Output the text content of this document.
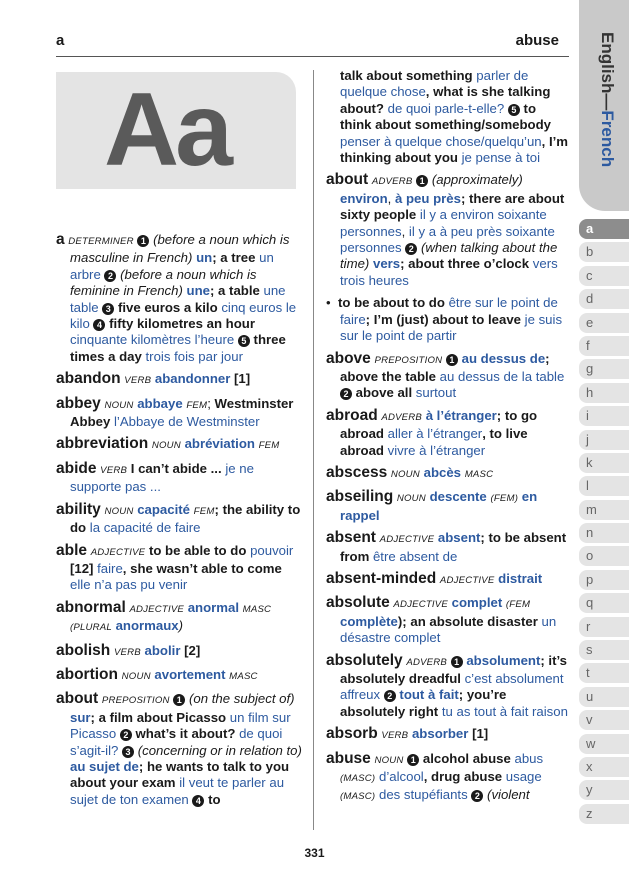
a	abuse
Aa

a DETERMINER 1 (before a noun which is masculine in French) un; a tree un arbre 2 (before a noun which is feminine in French) une; a table une table 3 five euros a kilo cinq euros le kilo 4 fifty kilometres an hour cinquante kilomètres l’heure 5 three times a day trois fois par jour

abandon VERB abandonner [1]

abbey NOUN abbaye FEM; Westminster Abbey l’Abbaye de Westminster

abbreviation NOUN abréviation FEM

abide VERB I can’t abide ... je ne supporte pas ...

ability NOUN capacité FEM; the ability to do la capacité de faire

able ADJECTIVE to be able to do pouvoir [12] faire, she wasn’t able to come elle n’a pas pu venir

abnormal ADJECTIVE anormal MASC (PLURAL anormaux)

abolish VERB abolir [2]

abortion NOUN avortement MASC

about PREPOSITION 1 (on the subject of) sur; a film about Picasso un film sur Picasso 2 what’s it about? de quoi s’agit-il? 3 (concerning or in relation to) au sujet de; he wants to talk to you about your exam il veut te parler au sujet de ton examen 4 to

talk about something parler de quelque chose, what is she talking about? de quoi parle-t-elle? 5 to think about something/somebody penser à quelque chose/quelqu’un, I’m thinking about you je pense à toi

about ADVERB 1 (approximately) environ, à peu près; there are about sixty people il y a environ soixante personnes, il y a à peu près soixante personnes 2 (when talking about the time) vers; about three o’clock vers trois heures

• to be about to do être sur le point de faire; I’m (just) about to leave je suis sur le point de partir

above PREPOSITION 1 au dessus de; above the table au dessus de la table 2 above all surtout

abroad ADVERB à l’étranger; to go abroad aller à l’étranger, to live abroad vivre à l’étranger

abscess NOUN abcès MASC

abseiling NOUN descente (FEM) en rappel

absent ADJECTIVE absent; to be absent from être absent de

absent-minded ADJECTIVE distrait

absolute ADJECTIVE complet (FEM complète); an absolute disaster un désastre complet

absolutely ADVERB 1 absolument; it’s absolutely dreadful c’est absolument affreux 2 tout à fait; you’re absolutely right tu as tout à fait raison

absorb VERB absorber [1]

abuse NOUN 1 alcohol abuse abus (MASC) d’alcool, drug abuse usage (MASC) des stupéfiants 2 (violent

English—French
a
b
c
d
e
f
g
h
i
j
k
l
m
n
o
p
q
r
s
t
u
v
w
x
y
z
331
